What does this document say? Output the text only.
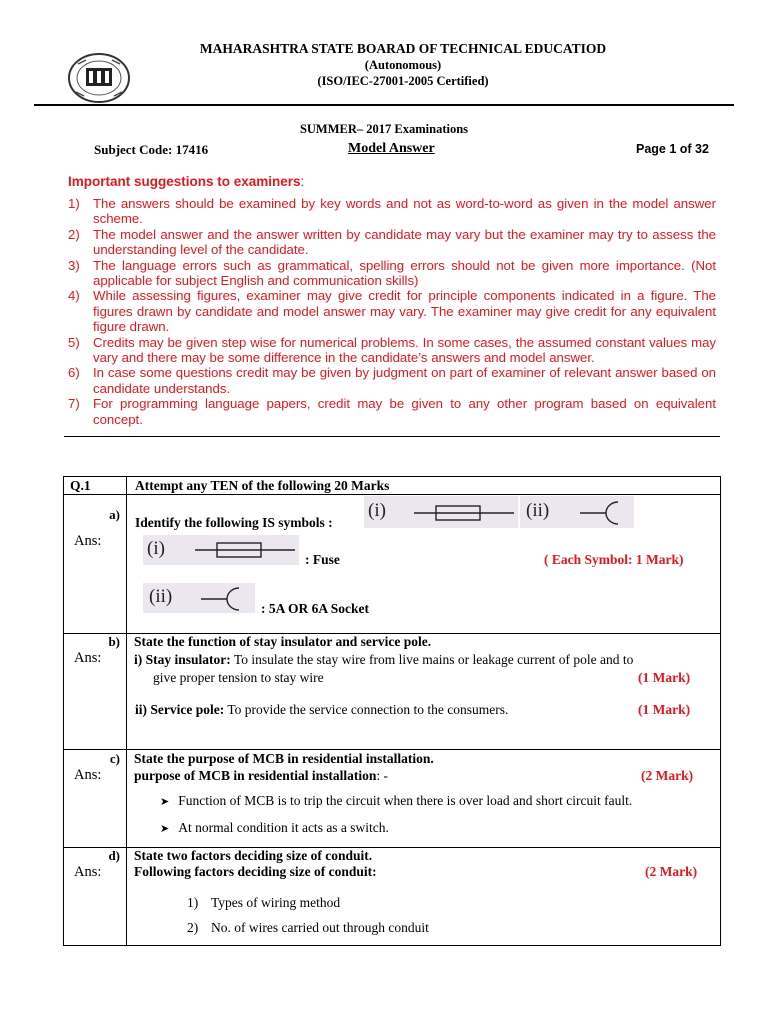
MAHARASHTRA STATE BOARAD OF TECHNICAL EDUCATIOD
(Autonomous)
(ISO/IEC-27001-2005 Certified)
SUMMER– 2017 Examinations
Subject Code: 17416	Model Answer	Page 1 of 32
Important suggestions to examiners:
1) The answers should be examined by key words and not as word-to-word as given in the model answer scheme.
2) The model answer and the answer written by candidate may vary but the examiner may try to assess the understanding level of the candidate.
3) The language errors such as grammatical, spelling errors should not be given more importance. (Not applicable for subject English and communication skills)
4) While assessing figures, examiner may give credit for principle components indicated in a figure. The figures drawn by candidate and model answer may vary. The examiner may give credit for any equivalent figure drawn.
5) Credits may be given step wise for numerical problems. In some cases, the assumed constant values may vary and there may be some difference in the candidate’s answers and model answer.
6) In case some questions credit may be given by judgment on part of examiner of relevant answer based on candidate understands.
7) For programming language papers, credit may be given to any other program based on equivalent concept.
Q.1	Attempt any TEN of the following 20 Marks
a)
Identify the following IS symbols :
(i)	(ii)
Ans: (i)
: Fuse	( Each Symbol: 1 Mark)
(ii)
: 5A OR 6A Socket
b) State the function of stay insulator and service pole.
Ans: i) Stay insulator: To insulate the stay wire from live mains or leakage current of pole and to
give proper tension to stay wire	(1 Mark)
ii) Service pole: To provide the service connection to the consumers.	(1 Mark)
c) State the purpose of MCB in residential installation.
Ans: purpose of MCB in residential installation: -	(2 Mark)
➤ Function of MCB is to trip the circuit when there is over load and short circuit fault.
➤ At normal condition it acts as a switch.
d) State two factors deciding size of conduit.
Ans: Following factors deciding size of conduit:	(2 Mark)
1) Types of wiring method
2) No. of wires carried out through conduit
